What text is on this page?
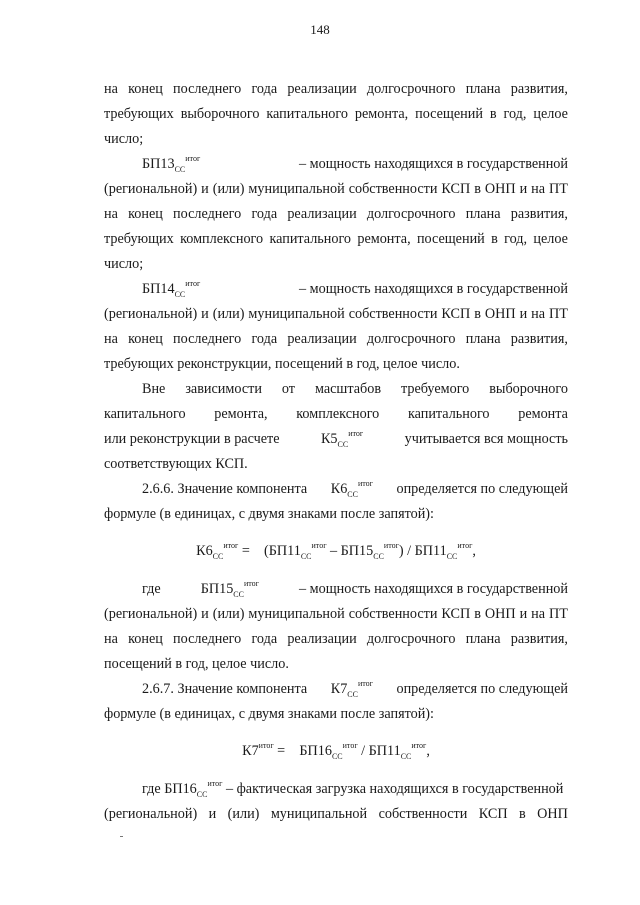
148
на конец последнего года реализации долгосрочного плана развития,
требующих выборочного капитального ремонта, посещений в год, целое
число;
$БП13_{СС}^{итог}$	– мощность находящихся в государственной
(региональной) и (или) муниципальной собственности КСП в ОНП и на ПТ
на конец последнего года реализации долгосрочного плана развития,
требующих комплексного капитального ремонта, посещений в год, целое
число;
$БП14_{СС}^{итог}$	– мощность находящихся в государственной
(региональной) и (или) муниципальной собственности КСП в ОНП и на ПТ
на конец последнего года реализации долгосрочного плана развития,
требующих реконструкции, посещений в год, целое число.
Вне зависимости от масштабов требуемого выборочного
капитального ремонта, комплексного капитального ремонта
или реконструкции в расчете	$К5_{СС}^{итог}$	учитывается вся мощность
соответствующих КСП.
2.6.6. Значение компонента $К6_{СС}^{итог}$ определяется по следующей
формуле (в единицах, с двумя знаками после запятой):
$К6_{СС}^{итог} = (БП11_{СС}^{итог} - БП15_{СС}^{итог}) / БП11_{СС}^{итог}$,
где	$БП15_{СС}^{итог}$	– мощность находящихся в государственной
(региональной) и (или) муниципальной собственности КСП в ОНП и на ПТ
на конец последнего года реализации долгосрочного плана развития,
посещений в год, целое число.
2.6.7. Значение компонента $К7_{СС}^{итог}$ определяется по следующей
формуле (в единицах, с двумя знаками после запятой):
$К7^{итог} = БП16_{СС}^{итог} / БП11_{СС}^{итог}$,
где $БП16_{СС}^{итог}$ – фактическая загрузка находящихся в государственной
(региональной) и (или) муниципальной собственности КСП в ОНП
